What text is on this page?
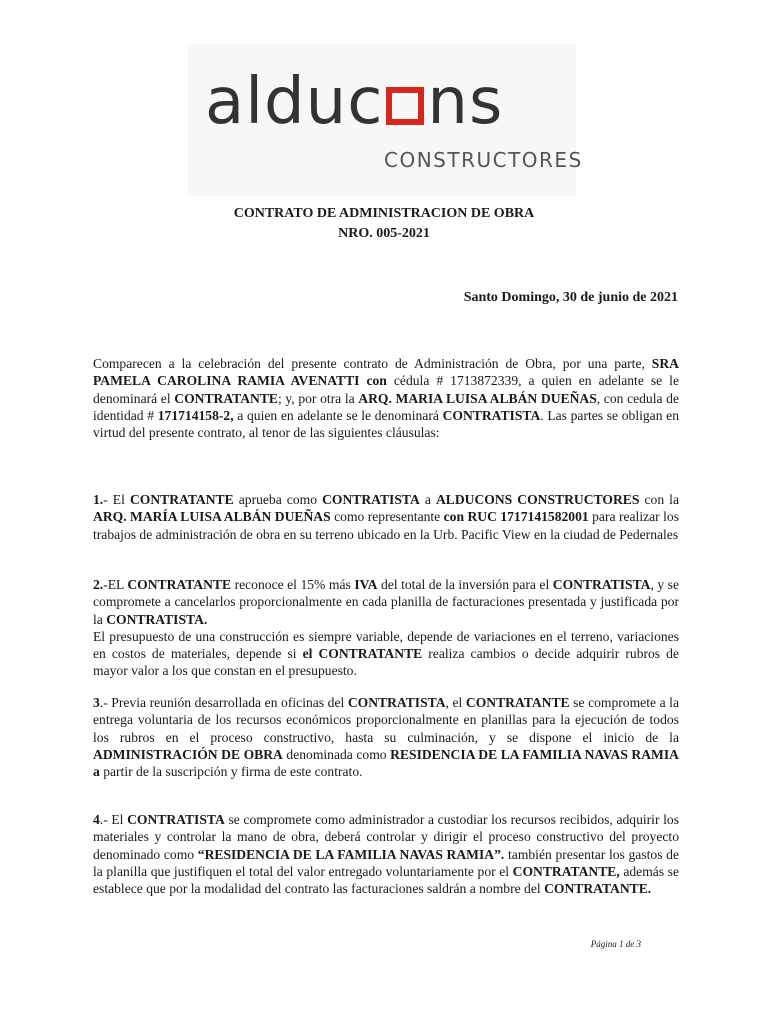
alduc ns
CONSTRUCTORES
CONTRATO DE ADMINISTRACION DE OBRA
NRO. 005-2021
Santo Domingo, 30 de junio de 2021

Comparecen a la celebración del presente contrato de Administración de Obra, por una parte, SRA PAMELA CAROLINA RAMIA AVENATTI con cédula # 1713872339, a quien en adelante se le denominará el CONTRATANTE; y, por otra la ARQ. MARIA LUISA ALBÁN DUEÑAS, con cedula de identidad # 171714158-2, a quien en adelante se le denominará CONTRATISTA. Las partes se obligan en virtud del presente contrato, al tenor de las siguientes cláusulas:

1.- El CONTRATANTE aprueba como CONTRATISTA a ALDUCONS CONSTRUCTORES con la ARQ. MARÍA LUISA ALBÁN DUEÑAS como representante con RUC 1717141582001 para realizar los trabajos de administración de obra en su terreno ubicado en la Urb. Pacific View en la ciudad de Pedernales

2.-EL CONTRATANTE reconoce el 15% más IVA del total de la inversión para el CONTRATISTA, y se compromete a cancelarlos proporcionalmente en cada planilla de facturaciones presentada y justificada por la CONTRATISTA.
El presupuesto de una construcción es siempre variable, depende de variaciones en el terreno, variaciones en costos de materiales, depende si el CONTRATANTE realiza cambios o decide adquirir rubros de mayor valor a los que constan en el presupuesto.

3.- Previa reunión desarrollada en oficinas del CONTRATISTA, el CONTRATANTE se compromete a la entrega voluntaria de los recursos económicos proporcionalmente en planillas para la ejecución de todos los rubros en el proceso constructivo, hasta su culminación, y se dispone el inicio de la ADMINISTRACIÓN DE OBRA denominada como RESIDENCIA DE LA FAMILIA NAVAS RAMIA a partir de la suscripción y firma de este contrato.

4.- El CONTRATISTA se compromete como administrador a custodiar los recursos recibidos, adquirir los materiales y controlar la mano de obra, deberá controlar y dirigir el proceso constructivo del proyecto denominado como “RESIDENCIA DE LA FAMILIA NAVAS RAMIA”. también presentar los gastos de la planilla que justifiquen el total del valor entregado voluntariamente por el CONTRATANTE, además se establece que por la modalidad del contrato las facturaciones saldrán a nombre del CONTRATANTE.

Página 1 de 3
